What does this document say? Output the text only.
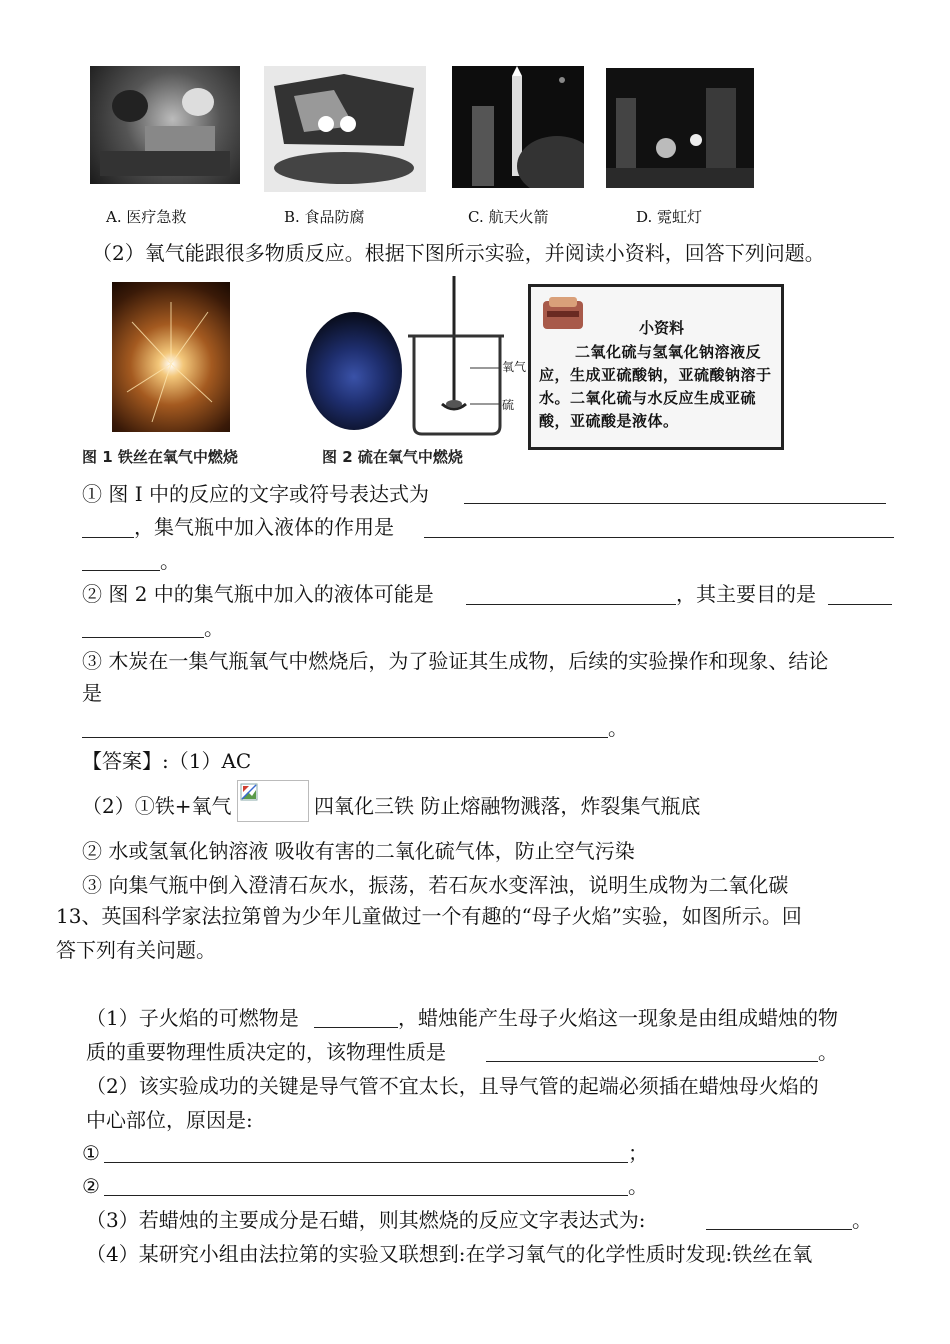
A. 医疗急救	B. 食品防腐	C. 航天火箭	D. 霓虹灯
（2）氧气能跟很多物质反应。根据下图所示实验，并阅读小资料，回答下列问题。
图 1 铁丝在氧气中燃烧
氧气
硫
图 2 硫在氧气中燃烧
小资料
二氧化硫与氢氧化钠溶液反应，生成亚硫酸钠，亚硫酸钠溶于水。二氧化硫与水反应生成亚硫酸，亚硫酸是液体。
① 图 I 中的反应的文字或符号表达式为
，集气瓶中加入液体的作用是
。
② 图 2 中的集气瓶中加入的液体可能是	，其主要目的是
。
③ 木炭在一集气瓶氧气中燃烧后，为了验证其生成物，后续的实验操作和现象、结论
是
。
【答案】:（1）AC
（2）①铁+氧气	四氧化三铁 防止熔融物溅落，炸裂集气瓶底
② 水或氢氧化钠溶液 吸收有害的二氧化硫气体，防止空气污染
③ 向集气瓶中倒入澄清石灰水，振荡，若石灰水变浑浊，说明生成物为二氧化碳
13、英国科学家法拉第曾为少年儿童做过一个有趣的“母子火焰”实验，如图所示。回
答下列有关问题。
（1）子火焰的可燃物是	，蜡烛能产生母子火焰这一现象是由组成蜡烛的物
质的重要物理性质决定的，该物理性质是	。
（2）该实验成功的关键是导气管不宜太长，且导气管的起端必须插在蜡烛母火焰的
中心部位，原因是:
①	；
②	。
（3）若蜡烛的主要成分是石蜡，则其燃烧的反应文字表达式为:	。
（4）某研究小组由法拉第的实验又联想到:在学习氧气的化学性质时发现:铁丝在氧
